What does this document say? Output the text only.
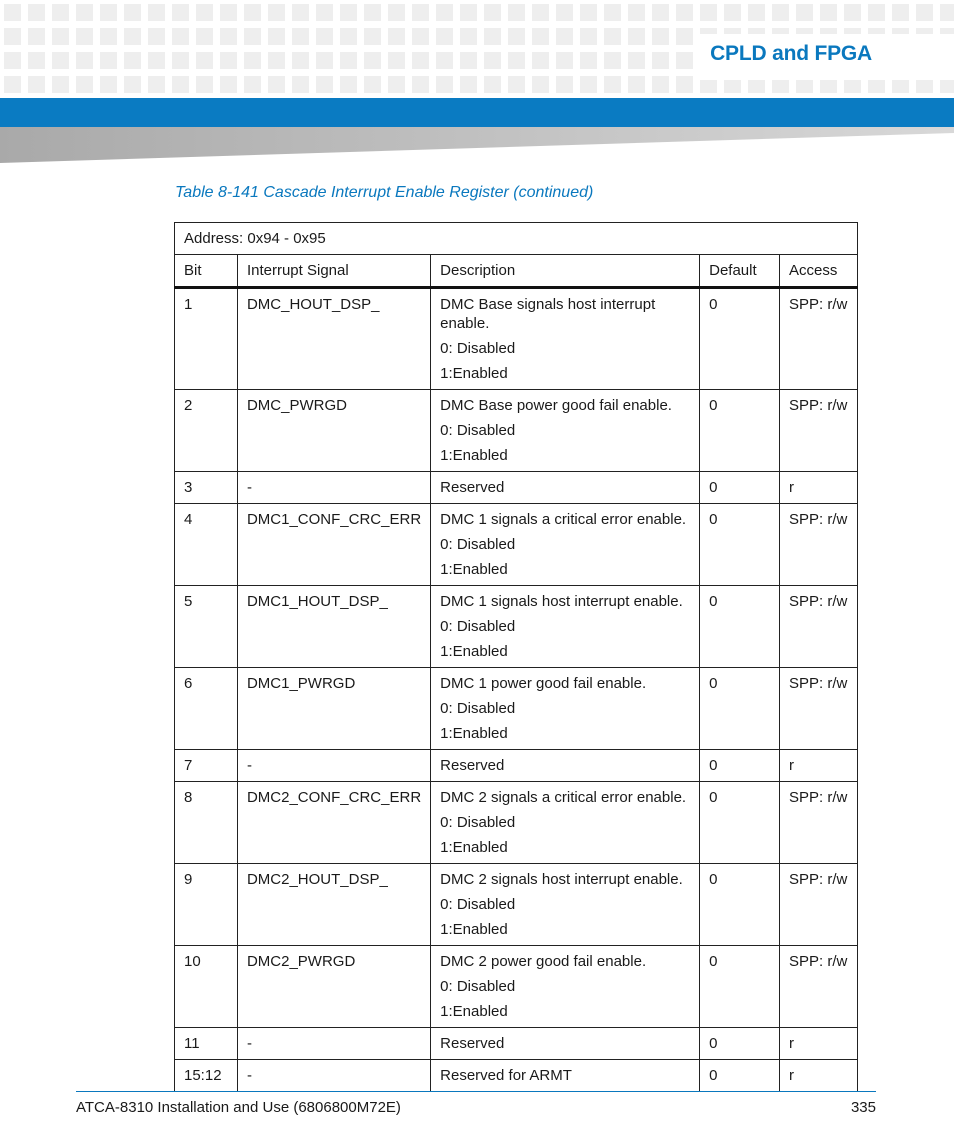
CPLD and FPGA
Table 8-141 Cascade Interrupt Enable Register (continued)
Address: 0x94 - 0x95				
Bit	Interrupt Signal	Description	Default	Access
1	DMC_HOUT_DSP_	DMC Base signals host interrupt enable.

0: Disabled

1:Enabled	0	SPP: r/w
2	DMC_PWRGD	DMC Base power good fail enable.

0: Disabled

1:Enabled	0	SPP: r/w
3	-	Reserved	0	r
4	DMC1_CONF_CRC_ERR	DMC 1 signals a critical error enable.

0: Disabled

1:Enabled	0	SPP: r/w
5	DMC1_HOUT_DSP_	DMC 1 signals host interrupt enable.

0: Disabled

1:Enabled	0	SPP: r/w
6	DMC1_PWRGD	DMC 1 power good fail enable.

0: Disabled

1:Enabled	0	SPP: r/w
7	-	Reserved	0	r
8	DMC2_CONF_CRC_ERR	DMC 2 signals a critical error enable.

0: Disabled

1:Enabled	0	SPP: r/w
9	DMC2_HOUT_DSP_	DMC 2 signals host interrupt enable.

0: Disabled

1:Enabled	0	SPP: r/w
10	DMC2_PWRGD	DMC 2 power good fail enable.

0: Disabled

1:Enabled	0	SPP: r/w
11	-	Reserved	0	r
15:12	-	Reserved for ARMT	0	r
ATCA-8310 Installation and Use (6806800M72E)	335
